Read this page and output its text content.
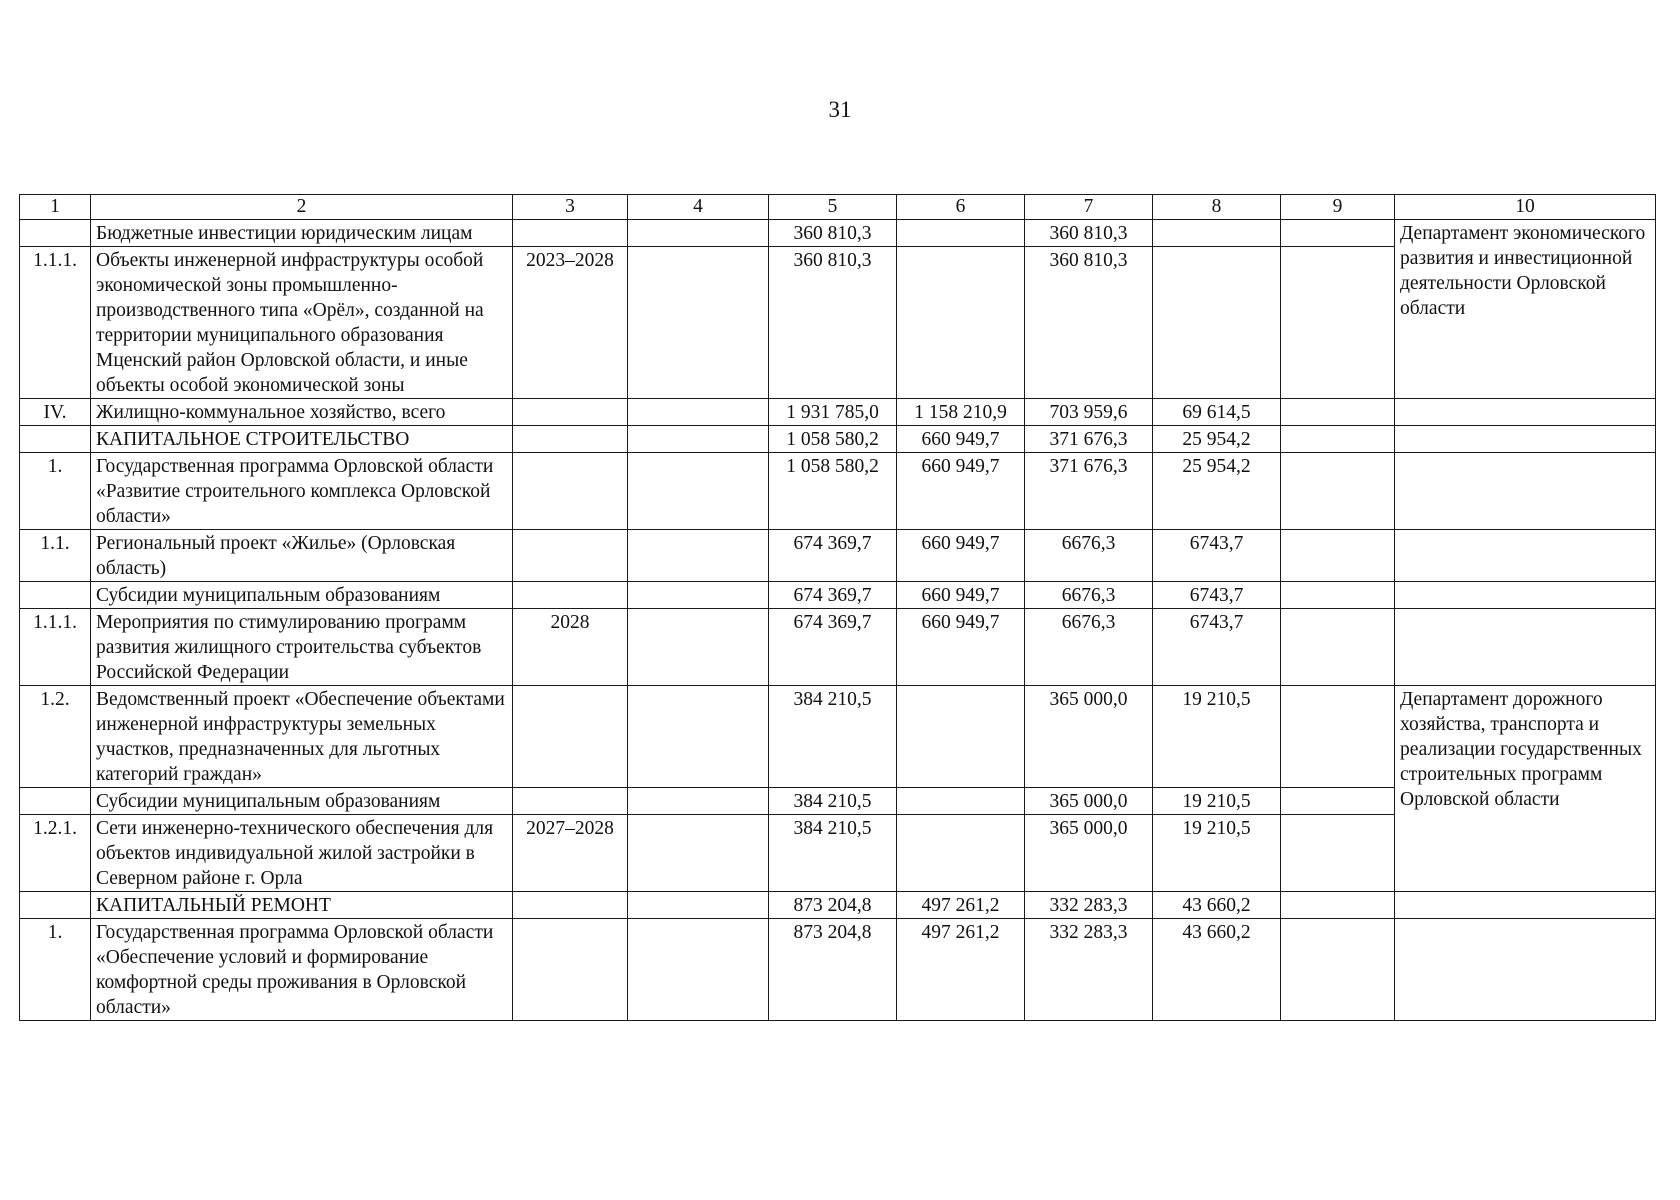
31
1	2	3	4	5	6	7	8	9	10
	Бюджетные инвестиции юридическим лицам			360 810,3		360 810,3			Департамент экономического развития и инвестиционной деятельности Орловской области
1.1.1.	Объекты инженерной инфраструктуры особой экономической зоны промышленно-производственного типа «Орёл», созданной на территории муниципального образования Мценский район Орловской области, и иные объекты особой экономической зоны	2023–2028		360 810,3		360 810,3			
IV.	Жилищно-коммунальное хозяйство, всего			1 931 785,0	1 158 210,9	703 959,6	69 614,5		
	КАПИТАЛЬНОЕ СТРОИТЕЛЬСТВО			1 058 580,2	660 949,7	371 676,3	25 954,2		
1.	Государственная программа Орловской области «Развитие строительного комплекса Орловской области»			1 058 580,2	660 949,7	371 676,3	25 954,2		
1.1.	Региональный проект «Жилье» (Орловская область)			674 369,7	660 949,7	6676,3	6743,7		
	Субсидии муниципальным образованиям			674 369,7	660 949,7	6676,3	6743,7		
1.1.1.	Мероприятия по стимулированию программ развития жилищного строительства субъектов Российской Федерации	2028		674 369,7	660 949,7	6676,3	6743,7		
1.2.	Ведомственный проект «Обеспечение объектами инженерной инфраструктуры земельных участков, предназначенных для льготных категорий граждан»			384 210,5		365 000,0	19 210,5		Департамент дорожного хозяйства, транспорта и реализации государственных строительных программ Орловской области
	Субсидии муниципальным образованиям			384 210,5		365 000,0	19 210,5		
1.2.1.	Сети инженерно-технического обеспечения для объектов индивидуальной жилой застройки в Северном районе г. Орла	2027–2028		384 210,5		365 000,0	19 210,5		
	КАПИТАЛЬНЫЙ РЕМОНТ			873 204,8	497 261,2	332 283,3	43 660,2		
1.	Государственная программа Орловской области «Обеспечение условий и формирование комфортной среды проживания в Орловской области»			873 204,8	497 261,2	332 283,3	43 660,2		
